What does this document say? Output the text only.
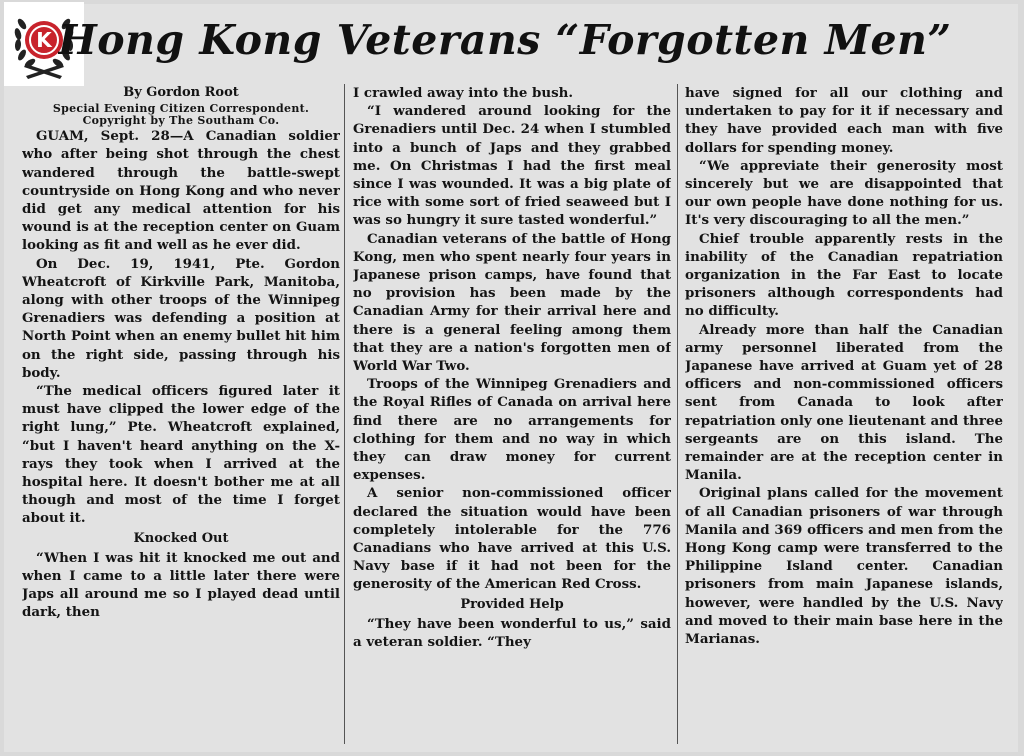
K Hong Kong Veterans “Forgotten Men”
By Gordon Root
Special Evening Citizen Correspondent.
Copyright by The Southam Co.

GUAM, Sept. 28—A Canadian soldier who after being shot through the chest wandered through the battle-swept countryside on Hong Kong and who never did get any medical attention for his wound is at the reception center on Guam looking as fit and well as he ever did.

On Dec. 19, 1941, Pte. Gordon Wheatcroft of Kirkville Park, Manitoba, along with other troops of the Winnipeg Grenadiers was defending a position at North Point when an enemy bullet hit him on the right side, passing through his body.

“The medical officers figured later it must have clipped the lower edge of the right lung,” Pte. Wheatcroft explained, “but I haven't heard anything on the X-rays they took when I arrived at the hospital here. It doesn't bother me at all though and most of the time I forget about it.

Knocked Out

“When I was hit it knocked me out and when I came to a little later there were Japs all around me so I played dead until dark, then

I crawled away into the bush.

“I wandered around looking for the Grenadiers until Dec. 24 when I stumbled into a bunch of Japs and they grabbed me. On Christmas I had the first meal since I was wounded. It was a big plate of rice with some sort of fried seaweed but I was so hungry it sure tasted wonderful.”

Canadian veterans of the battle of Hong Kong, men who spent nearly four years in Japanese prison camps, have found that no provision has been made by the Canadian Army for their arrival here and there is a general feeling among them that they are a nation's forgotten men of World War Two.

Troops of the Winnipeg Grenadiers and the Royal Rifles of Canada on arrival here find there are no arrangements for clothing for them and no way in which they can draw money for current expenses.

A senior non-commissioned officer declared the situation would have been completely intolerable for the 776 Canadians who have arrived at this U.S. Navy base if it had not been for the generosity of the American Red Cross.

Provided Help

“They have been wonderful to us,” said a veteran soldier. “They

have signed for all our clothing and undertaken to pay for it if necessary and they have provided each man with five dollars for spending money.

“We appreviate their generosity most sincerely but we are disappointed that our own people have done nothing for us. It's very discouraging to all the men.”

Chief trouble apparently rests in the inability of the Canadian repatriation organization in the Far East to locate prisoners although correspondents had no difficulty.

Already more than half the Canadian army personnel liberated from the Japanese have arrived at Guam yet of 28 officers and non-commissioned officers sent from Canada to look after repatriation only one lieutenant and three sergeants are on this island. The remainder are at the reception center in Manila.

Original plans called for the movement of all Canadian prisoners of war through Manila and 369 officers and men from the Hong Kong camp were transferred to the Philippine Island center. Canadian prisoners from main Japanese islands, however, were handled by the U.S. Navy and moved to their main base here in the Marianas.
